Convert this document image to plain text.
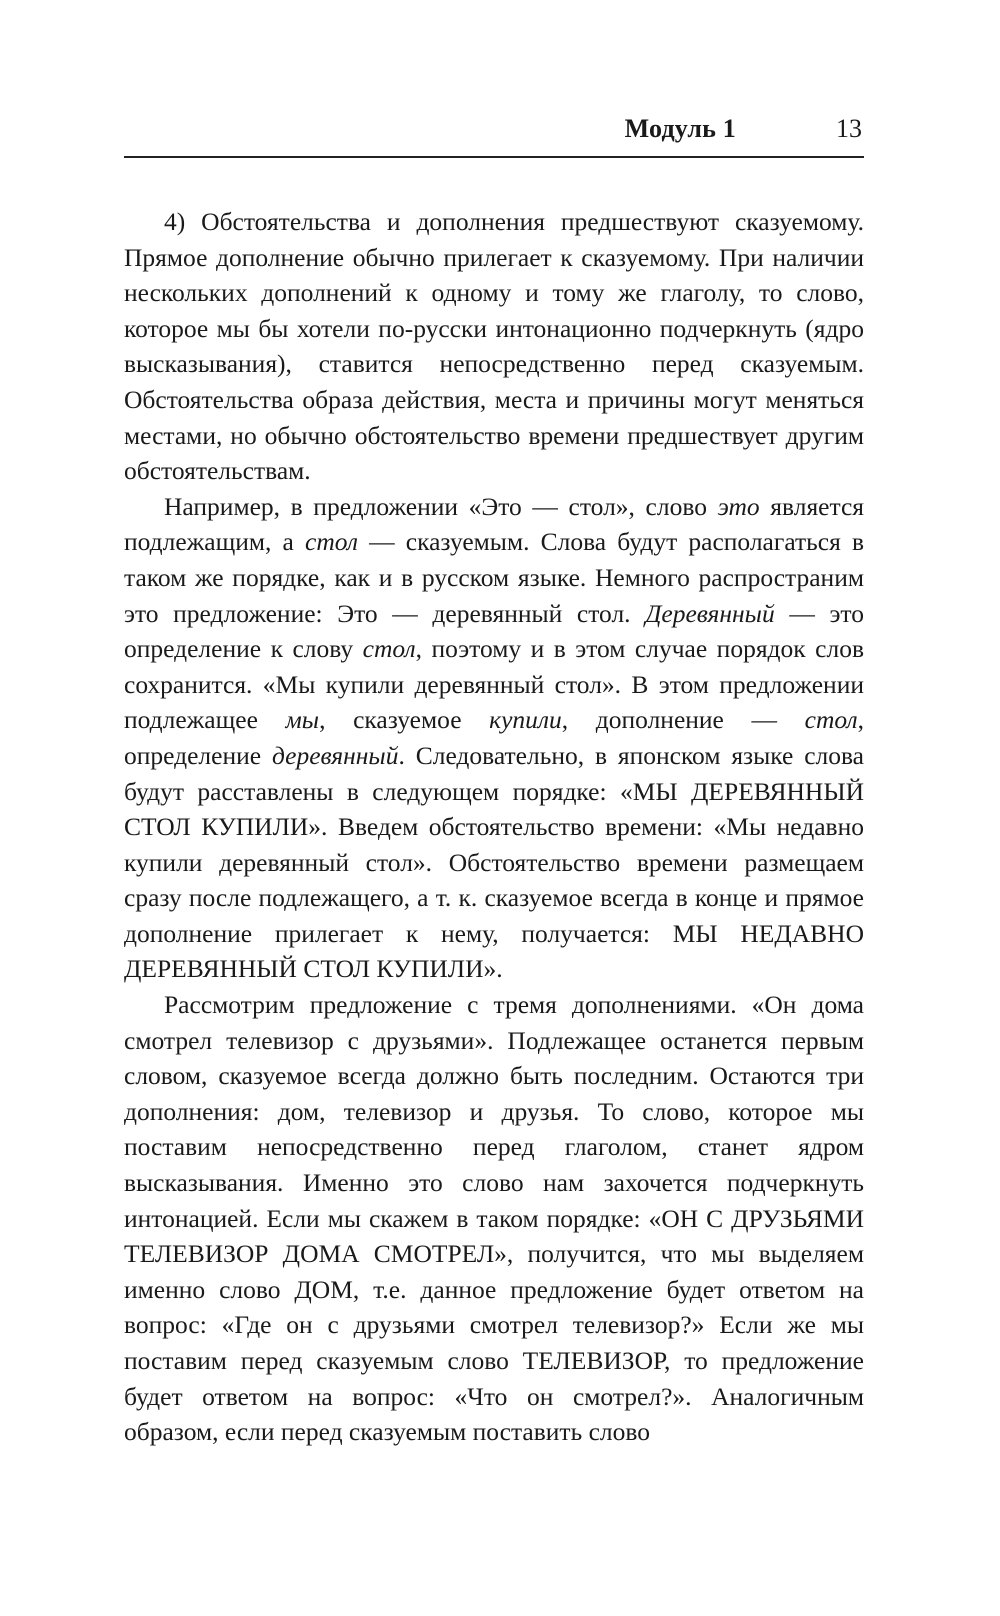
Модуль 1	13

4) Обстоятельства и дополнения предшествуют сказуемому. Прямое дополнение обычно прилегает к сказуемому. При наличии нескольких дополнений к одному и тому же глаголу, то слово, которое мы бы хотели по-русски интонационно подчеркнуть (ядро высказывания), ставится непосредственно перед сказуемым. Обстоятельства образа действия, места и причины могут меняться местами, но обычно обстоятельство времени предшествует другим обстоятельствам.

Например, в предложении «Это — стол», слово это является подлежащим, а стол — сказуемым. Слова будут располагаться в таком же порядке, как и в русском языке. Немного распространим это предложение: Это — деревянный стол. Деревянный — это определение к слову стол, поэтому и в этом случае порядок слов сохранится. «Мы купили деревянный стол». В этом предложении подлежащее мы, сказуемое купили, дополнение — стол, определение деревянный. Следовательно, в японском языке слова будут расставлены в следующем порядке: «МЫ ДЕРЕВЯННЫЙ СТОЛ КУПИЛИ». Введем обстоятельство времени: «Мы недавно купили деревянный стол». Обстоятельство времени размещаем сразу после подлежащего, а т. к. сказуемое всегда в конце и прямое дополнение прилегает к нему, получается: МЫ НЕДАВНО ДЕРЕВЯННЫЙ СТОЛ КУПИЛИ».

Рассмотрим предложение с тремя дополнениями. «Он дома смотрел телевизор с друзьями». Подлежащее останется первым словом, сказуемое всегда должно быть последним. Остаются три дополнения: дом, телевизор и друзья. То слово, которое мы поставим непосредственно перед глаголом, станет ядром высказывания. Именно это слово нам захочется подчеркнуть интонацией. Если мы скажем в таком порядке: «ОН С ДРУЗЬЯМИ ТЕЛЕВИЗОР ДОМА СМОТРЕЛ», получится, что мы выделяем именно слово ДОМ, т.е. данное предложение будет ответом на вопрос: «Где он с друзьями смотрел телевизор?» Если же мы поставим перед сказуемым слово ТЕЛЕВИЗОР, то предложение будет ответом на вопрос: «Что он смотрел?». Аналогичным образом, если перед сказуемым поставить слово
